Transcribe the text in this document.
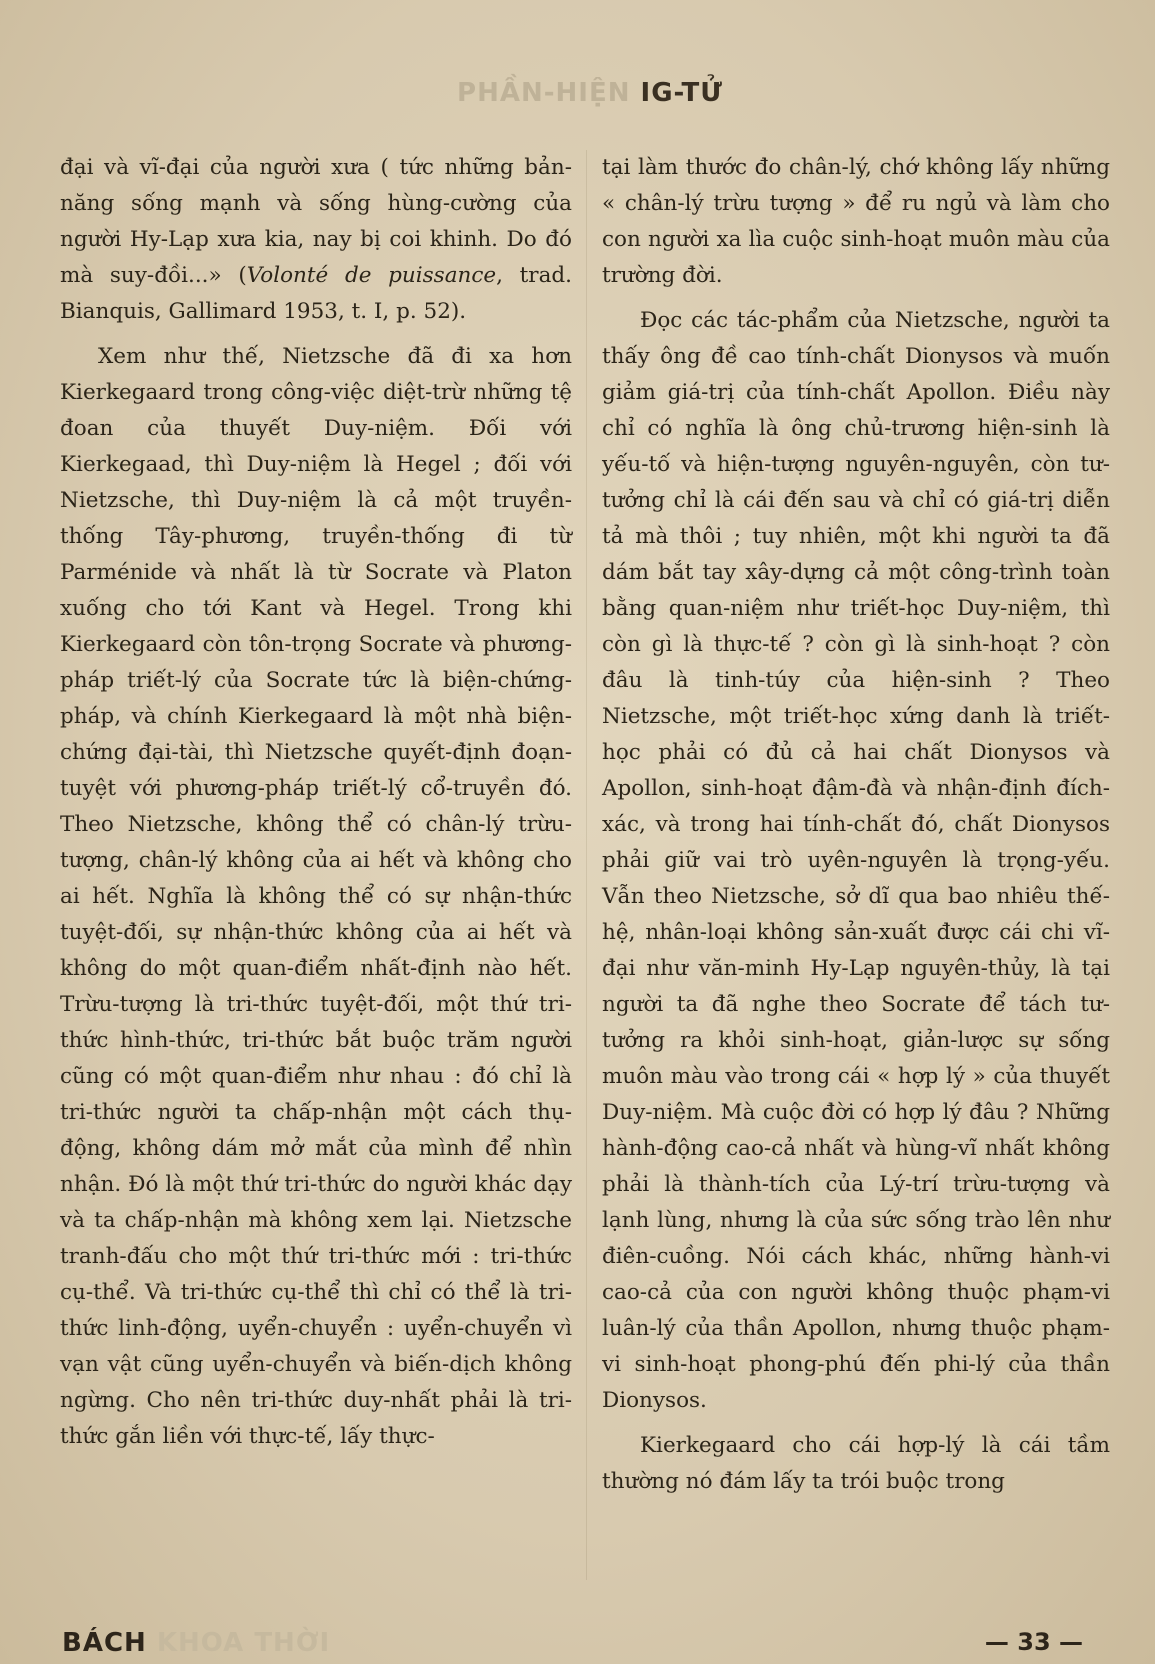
PHẦN-HIỆN IG-TỬ

đại và vĩ-đại của người xưa ( tức những bản-năng sống mạnh và sống hùng-cường của người Hy-Lạp xưa kia, nay bị coi khinh. Do đó mà suy-đồi...» (Volonté de puissance, trad. Bianquis, Gallimard 1953, t. I, p. 52).

Xem như thế, Nietzsche đã đi xa hơn Kierkegaard trong công-việc diệt-trừ những tệ đoan của thuyết Duy-niệm. Đối với Kierkegaad, thì Duy-niệm là Hegel ; đối với Nietzsche, thì Duy-niệm là cả một truyền-thống Tây-phương, truyền-thống đi từ Parménide và nhất là từ Socrate và Platon xuống cho tới Kant và Hegel. Trong khi Kierkegaard còn tôn-trọng Socrate và phương-pháp triết-lý của Socrate tức là biện-chứng-pháp, và chính Kierkegaard là một nhà biện-chứng đại-tài, thì Nietzsche quyết-định đoạn-tuyệt với phương-pháp triết-lý cổ-truyền đó. Theo Nietzsche, không thể có chân-lý trừu-tượng, chân-lý không của ai hết và không cho ai hết. Nghĩa là không thể có sự nhận-thức tuyệt-đối, sự nhận-thức không của ai hết và không do một quan-điểm nhất-định nào hết. Trừu-tượng là tri-thức tuyệt-đối, một thứ tri-thức hình-thức, tri-thức bắt buộc trăm người cũng có một quan-điểm như nhau : đó chỉ là tri-thức người ta chấp-nhận một cách thụ-động, không dám mở mắt của mình để nhìn nhận. Đó là một thứ tri-thức do người khác dạy và ta chấp-nhận mà không xem lại. Nietzsche tranh-đấu cho một thứ tri-thức mới : tri-thức cụ-thể. Và tri-thức cụ-thể thì chỉ có thể là tri-thức linh-động, uyển-chuyển : uyển-chuyển vì vạn vật cũng uyển-chuyển và biến-dịch không ngừng. Cho nên tri-thức duy-nhất phải là tri-thức gắn liền với thực-tế, lấy thực-

tại làm thước đo chân-lý, chớ không lấy những « chân-lý trừu tượng » để ru ngủ và làm cho con người xa lìa cuộc sinh-hoạt muôn màu của trường đời.

Đọc các tác-phẩm của Nietzsche, người ta thấy ông đề cao tính-chất Dionysos và muốn giảm giá-trị của tính-chất Apollon. Điều này chỉ có nghĩa là ông chủ-trương hiện-sinh là yếu-tố và hiện-tượng nguyên-nguyên, còn tư-tưởng chỉ là cái đến sau và chỉ có giá-trị diễn tả mà thôi ; tuy nhiên, một khi người ta đã dám bắt tay xây-dựng cả một công-trình toàn bằng quan-niệm như triết-học Duy-niệm, thì còn gì là thực-tế ? còn gì là sinh-hoạt ? còn đâu là tinh-túy của hiện-sinh ? Theo Nietzsche, một triết-học xứng danh là triết-học phải có đủ cả hai chất Dionysos và Apollon, sinh-hoạt đậm-đà và nhận-định đích-xác, và trong hai tính-chất đó, chất Dionysos phải giữ vai trò uyên-nguyên là trọng-yếu. Vẫn theo Nietzsche, sở dĩ qua bao nhiêu thế-hệ, nhân-loại không sản-xuất được cái chi vĩ-đại như văn-minh Hy-Lạp nguyên-thủy, là tại người ta đã nghe theo Socrate để tách tư-tưởng ra khỏi sinh-hoạt, giản-lược sự sống muôn màu vào trong cái « hợp lý » của thuyết Duy-niệm. Mà cuộc đời có hợp lý đâu ? Những hành-động cao-cả nhất và hùng-vĩ nhất không phải là thành-tích của Lý-trí trừu-tượng và lạnh lùng, nhưng là của sức sống trào lên như điên-cuồng. Nói cách khác, những hành-vi cao-cả của con người không thuộc phạm-vi luân-lý của thần Apollon, nhưng thuộc phạm-vi sinh-hoạt phong-phú đến phi-lý của thần Dionysos.

Kierkegaard cho cái hợp-lý là cái tầm thường nó đám lấy ta trói buộc trong

BÁCH KHOA THỜI	— 33 —
